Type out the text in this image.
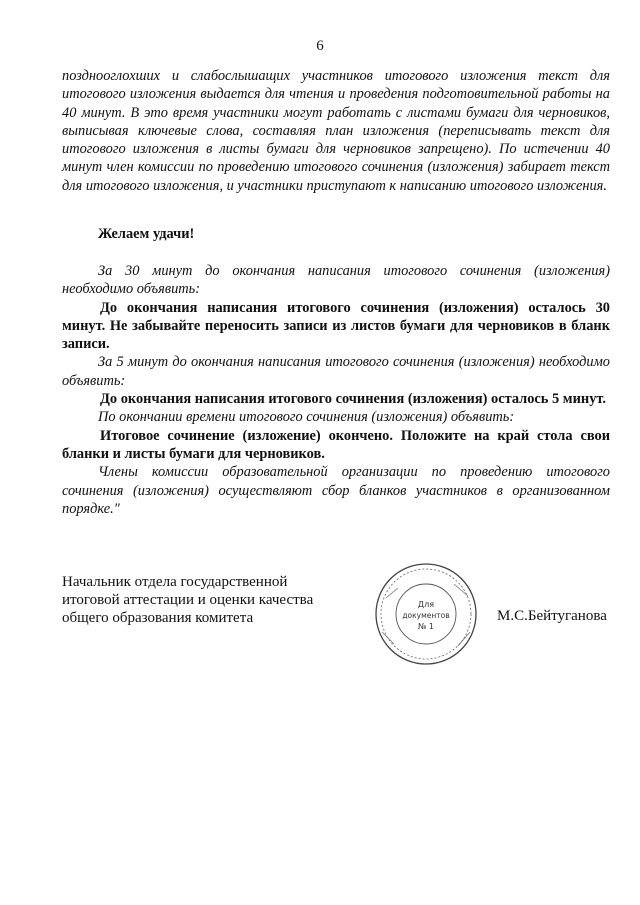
6

позднооглохших и слабослышащих участников итогового изложения текст для итогового изложения выдается для чтения и проведения подготовительной работы на 40 минут. В это время участники могут работать с листами бумаги для черновиков, выписывая ключевые слова, составляя план изложения (переписывать текст для итогового изложения в листы бумаги для черновиков запрещено). По истечении 40 минут член комиссии по проведению итогового сочинения (изложения) забирает текст для итогового изложения, и участники приступают к написанию итогового изложения.

Желаем удачи!

За 30 минут до окончания написания итогового сочинения (изложения) необходимо объявить:

До окончания написания итогового сочинения (изложения) осталось 30 минут. Не забывайте переносить записи из листов бумаги для черновиков в бланк записи.

За 5 минут до окончания написания итогового сочинения (изложения) необходимо объявить:

До окончания написания итогового сочинения (изложения) осталось 5 минут.

По окончании времени итогового сочинения (изложения) объявить:

Итоговое сочинение (изложение) окончено. Положите на край стола свои бланки и листы бумаги для черновиков.

Члены комиссии образовательной организации по проведению итогового сочинения (изложения) осуществляют сбор бланков участников в организованном порядке."

Начальник отдела государственной
итоговой аттестации и оценки качества
общего образования комитета
Для
документов
№ 1
М.С.Бейтуганова
